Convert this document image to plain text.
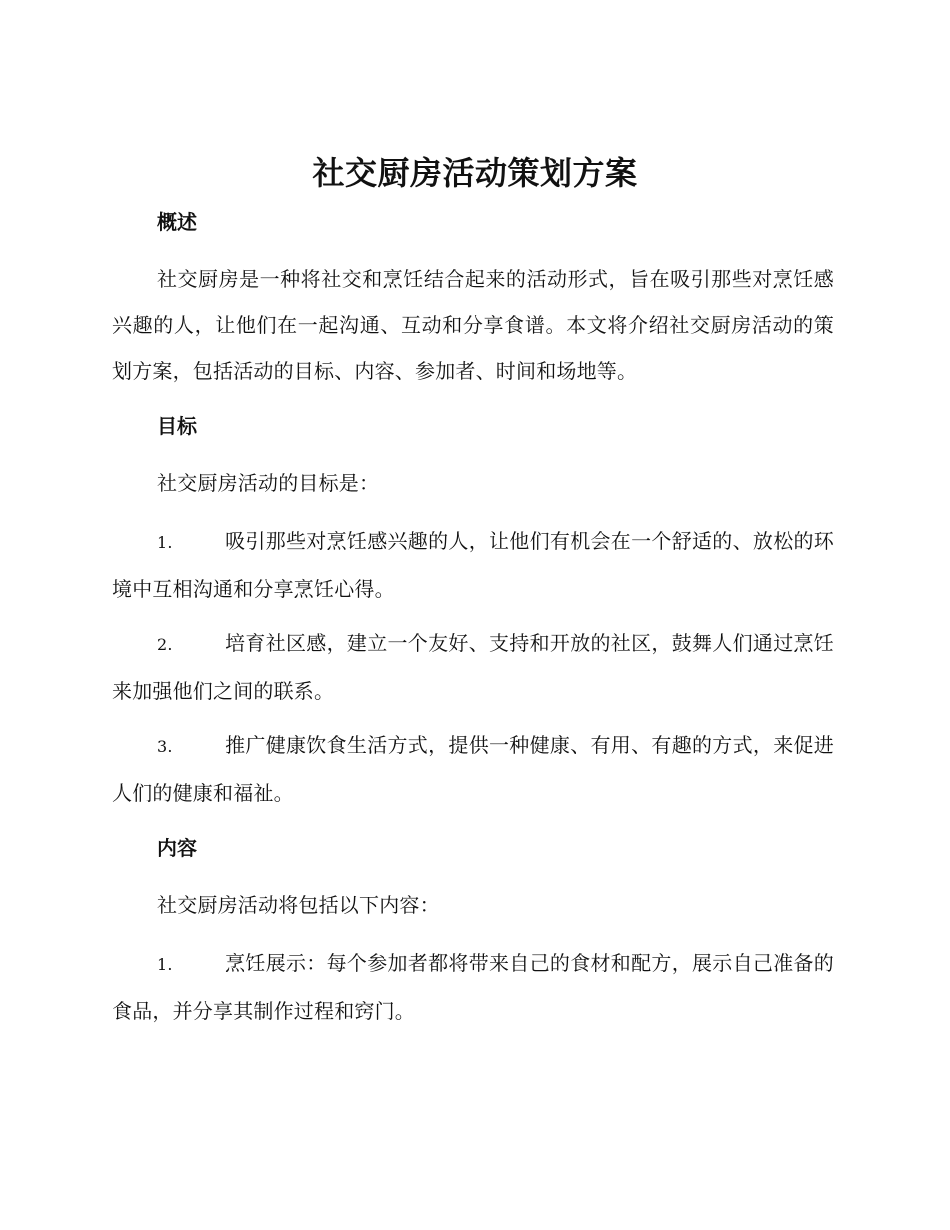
社交厨房活动策划方案
概述
社交厨房是一种将社交和烹饪结合起来的活动形式，旨在吸引那些对烹饪感兴趣的人，让他们在一起沟通、互动和分享食谱。本文将介绍社交厨房活动的策划方案，包括活动的目标、内容、参加者、时间和场地等。
目标
社交厨房活动的目标是：
1.	吸引那些对烹饪感兴趣的人，让他们有机会在一个舒适的、放松的环境中互相沟通和分享烹饪心得。
2.	培育社区感，建立一个友好、支持和开放的社区，鼓舞人们通过烹饪来加强他们之间的联系。
3.	推广健康饮食生活方式，提供一种健康、有用、有趣的方式，来促进人们的健康和福祉。
内容
社交厨房活动将包括以下内容：
1.	烹饪展示：每个参加者都将带来自己的食材和配方，展示自己准备的食品，并分享其制作过程和窍门。
